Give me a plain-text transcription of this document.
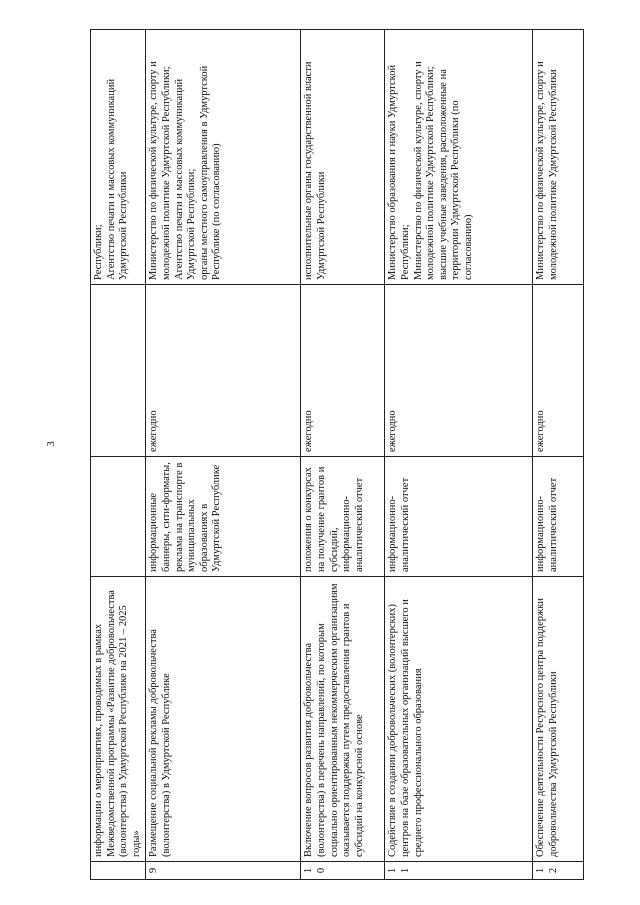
3
	информации о мероприятиях, проводимых в рамках Межведомственной программы «Развитие добровольчества (волонтерства) в Удмуртской Республике на 2021 – 2025 годы»			Республики;
Агентство печати и массовых коммуникаций Удмуртской Республики
9	Размещение социальной рекламы добровольчества (волонтерства) в Удмуртской Республике	информационные баннеры, сити-форматы, реклама на транспорте в муниципальных образованиях в Удмуртской Республике	ежегодно	Министерство по физической культуре, спорту и молодежной политике Удмуртской Республики;
Агентство печати и массовых коммуникаций Удмуртской Республики;
органы местного самоуправления в Удмуртской Республике (по согласованию)
10	Включение вопросов развития добровольчества (волонтерства) в перечень направлений, по которым социально ориентированным некоммерческим организациям оказывается поддержка путем предоставления грантов и субсидий на конкурсной основе	положения о конкурсах на получение грантов и субсидий, информационно-аналитический отчет	ежегодно	исполнительные органы государственной власти Удмуртской Республики
11	Содействие в создании добровольческих (волонтерских) центров на базе образовательных организаций высшего и среднего профессионального образования	информационно-аналитический отчет	ежегодно	Министерство образования и науки Удмуртской Республики;
Министерство по физической культуре, спорту и молодежной политике Удмуртской Республики;
высшие учебные заведения, расположенные на территории Удмуртской Республики (по согласованию)
12	Обеспечение деятельности Ресурсного центра поддержки добровольчества Удмуртской Республики	информационно-аналитический отчет	ежегодно	Министерство по физической культуре, спорту и молодежной политике Удмуртской Республики
